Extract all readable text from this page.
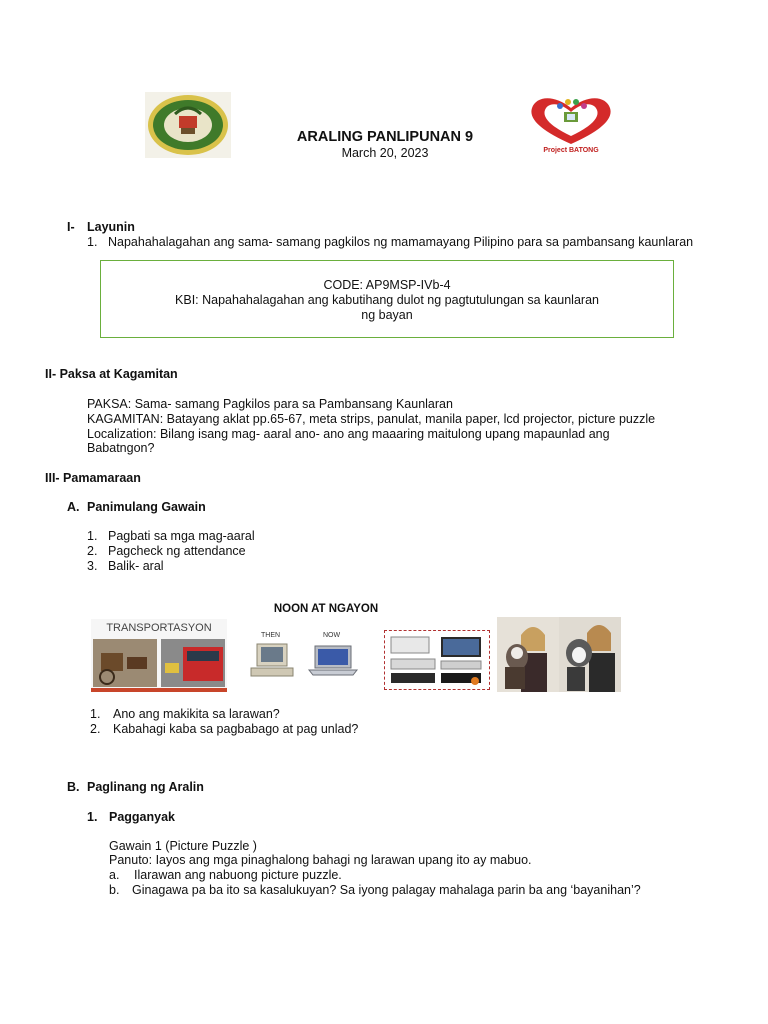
ARALING PANLIPUNAN 9
March 20, 2023	Project BATONG
I- Layunin
1. Napahahalagahan ang sama- samang pagkilos ng mamamayang Pilipino para sa pambansang kaunlaran
CODE: AP9MSP-IVb-4
KBI: Napahahalagahan ang kabutihang dulot ng pagtutulungan sa kaunlaran
ng bayan
II- Paksa at Kagamitan
PAKSA: Sama- samang Pagkilos para sa Pambansang Kaunlaran
KAGAMITAN: Batayang aklat pp.65-67, meta strips, panulat, manila paper, lcd projector, picture puzzle
Localization: Bilang isang mag- aaral ano- ano ang maaaring maitulong upang mapaunlad ang
Babatngon?
III- Pamamaraan
A. Panimulang Gawain
1. Pagbati sa mga mag-aaral
2. Pagcheck ng attendance
3. Balik- aral
NOON AT NGAYON
TRANSPORTASYON
THEN	NOW
1. Ano ang makikita sa larawan?
2. Kabahagi kaba sa pagbabago at pag unlad?
B. Paglinang ng Aralin
1. Pagganyak
Gawain 1 (Picture Puzzle )
Panuto: Iayos ang mga pinaghalong bahagi ng larawan upang ito ay mabuo.
a. Ilarawan ang nabuong picture puzzle.
b. Ginagawa pa ba ito sa kasalukuyan? Sa iyong palagay mahalaga parin ba ang ‘bayanihan’?
